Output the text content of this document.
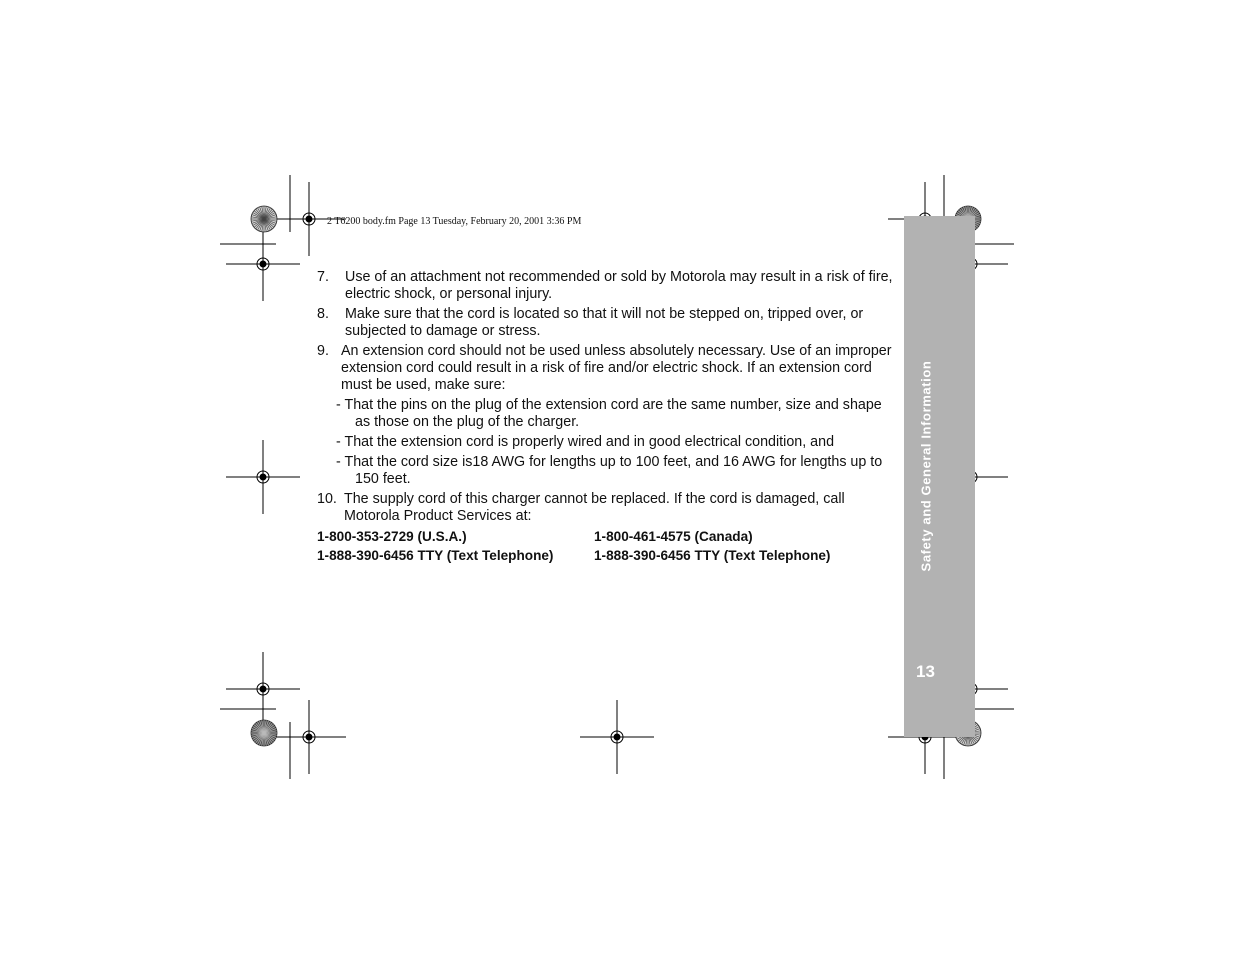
2 T6200 body.fm Page 13 Tuesday, February 20, 2001 3:36 PM
Safety and General Information
13
7.	Use of an attachment not recommended or sold by Motorola may result in a risk of fire, electric shock, or personal injury.
8.	Make sure that the cord is located so that it will not be stepped on, tripped over, or subjected to damage or stress.
9. An extension cord should not be used unless absolutely necessary. Use of an improper extension cord could result in a risk of fire and/or electric shock. If an extension cord must be used, make sure:
- That the pins on the plug of the extension cord are the same number, size and shape as those on the plug of the charger.
- That the extension cord is properly wired and in good electrical condition, and
- That the cord size is18 AWG for lengths up to 100 feet, and 16 AWG for lengths up to 150 feet.
10. The supply cord of this charger cannot be replaced. If the cord is damaged, call Motorola Product Services at:
1-800-353-2729 (U.S.A.)	1-800-461-4575 (Canada)
1-888-390-6456 TTY (Text Telephone)	1-888-390-6456 TTY (Text Telephone)
